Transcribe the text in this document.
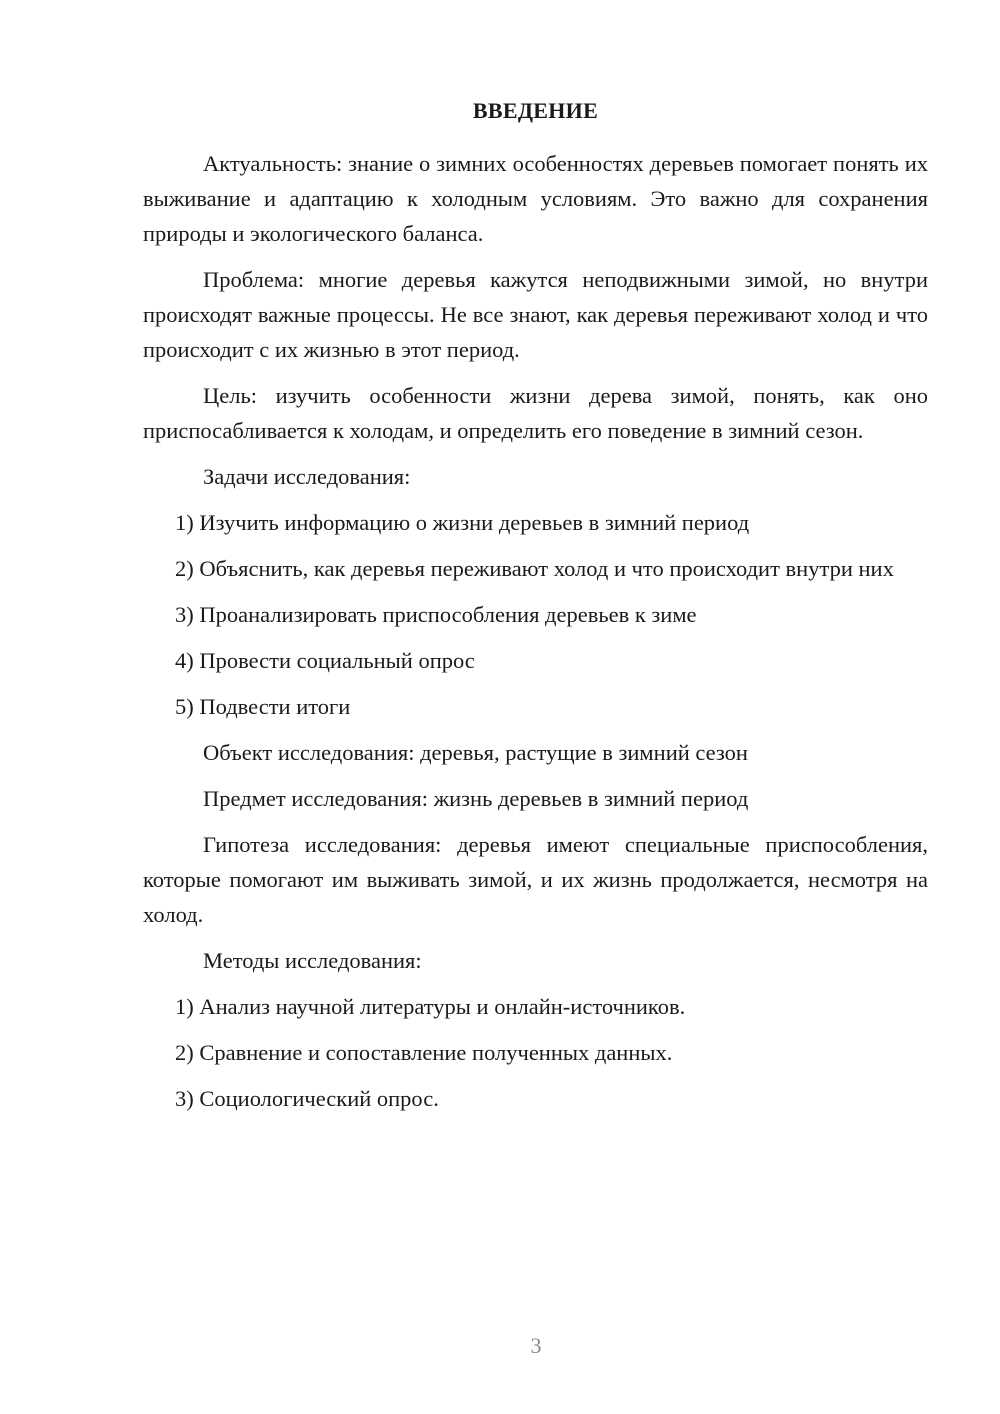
ВВЕДЕНИЕ

Актуальность: знание о зимних особенностях деревьев помогает понять их выживание и адаптацию к холодным условиям. Это важно для сохранения природы и экологического баланса.

Проблема: многие деревья кажутся неподвижными зимой, но внутри происходят важные процессы. Не все знают, как деревья переживают холод и что происходит с их жизнью в этот период.

Цель: изучить особенности жизни дерева зимой, понять, как оно приспосабливается к холодам, и определить его поведение в зимний сезон.

Задачи исследования:

1) Изучить информацию о жизни деревьев в зимний период

2) Объяснить, как деревья переживают холод и что происходит внутри них

3) Проанализировать приспособления деревьев к зиме

4) Провести социальный опрос

5) Подвести итоги

Объект исследования: деревья, растущие в зимний сезон

Предмет исследования: жизнь деревьев в зимний период

Гипотеза исследования: деревья имеют специальные приспособления, которые помогают им выживать зимой, и их жизнь продолжается, несмотря на холод.

Методы исследования:

1) Анализ научной литературы и онлайн-источников.

2) Сравнение и сопоставление полученных данных.

3) Социологический опрос.

3
